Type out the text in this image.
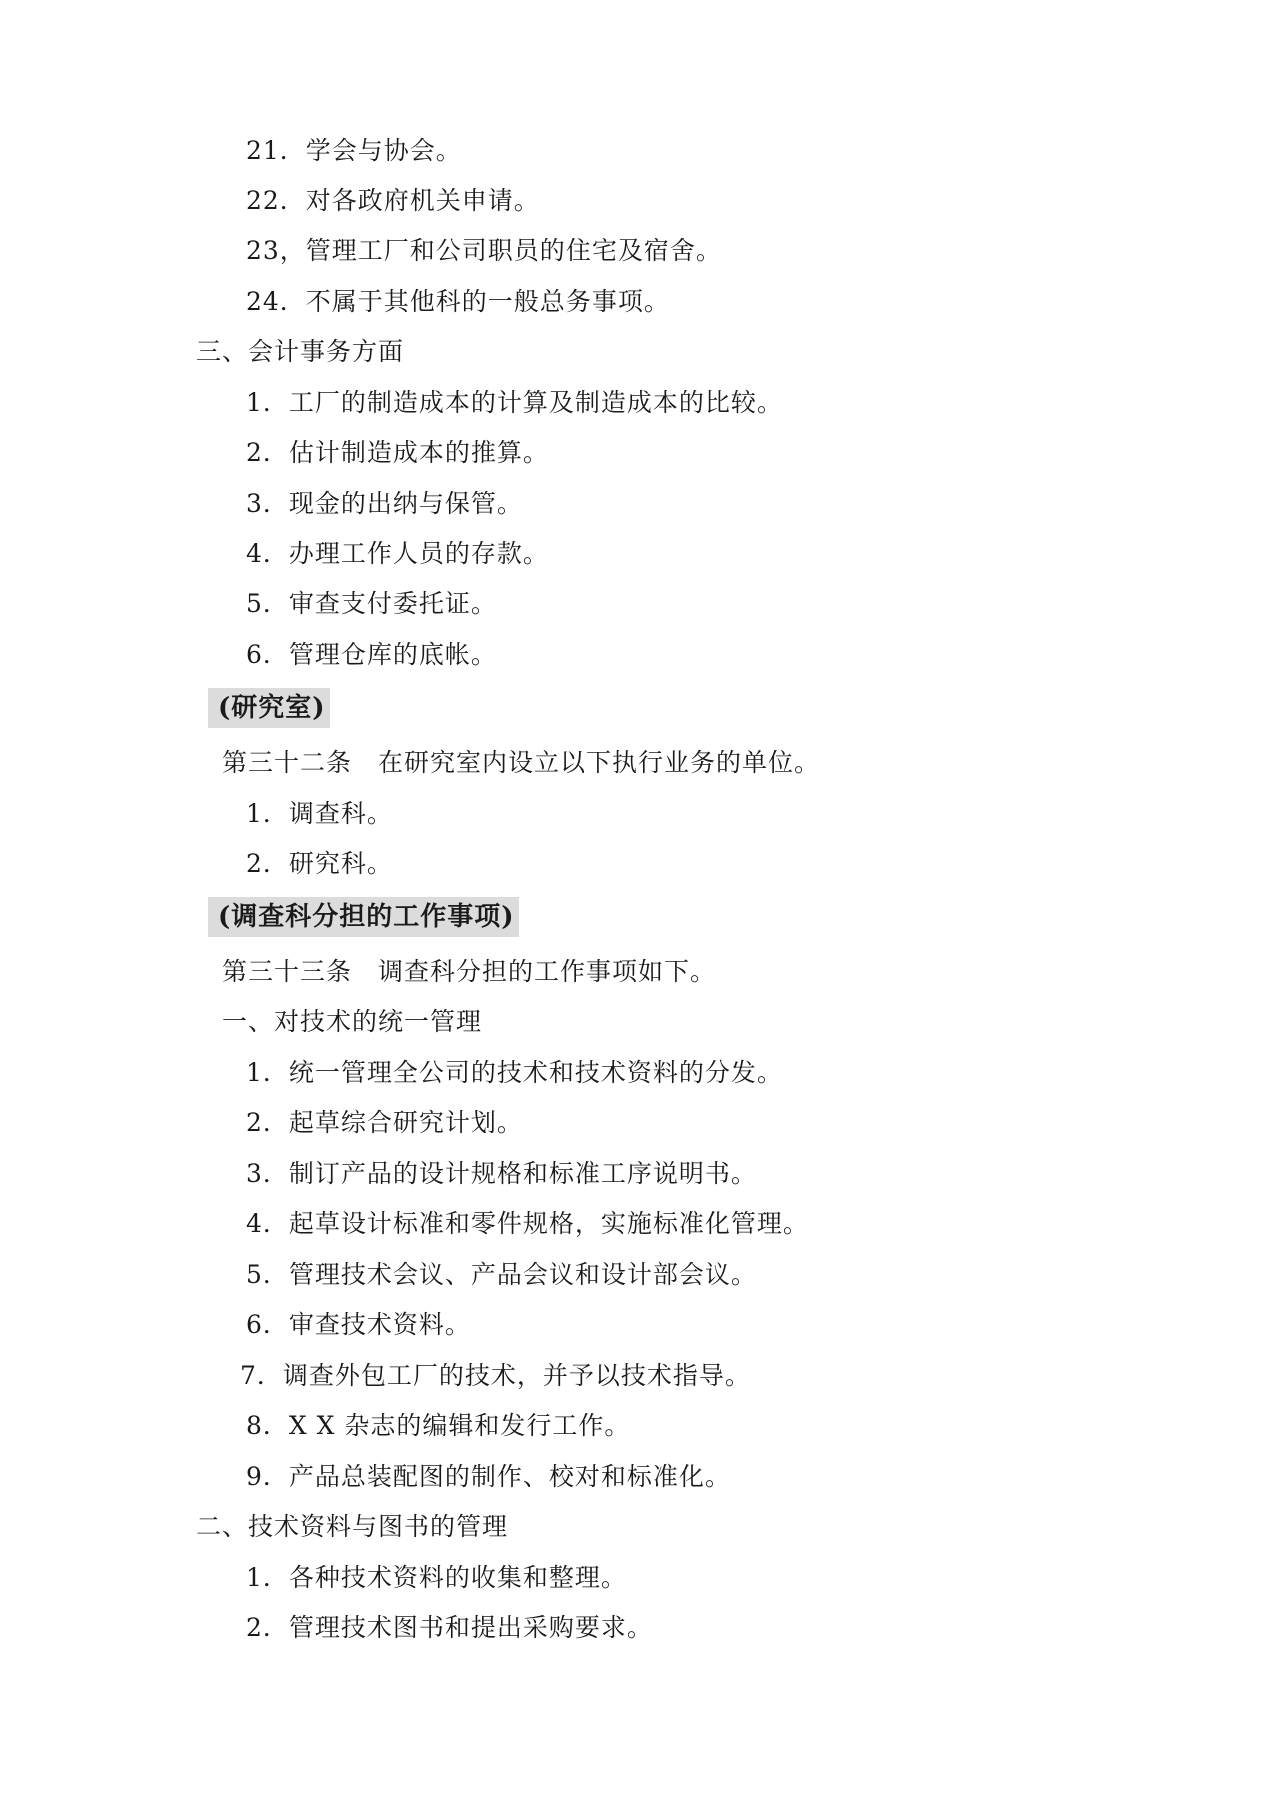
21．学会与协会。
22．对各政府机关申请。
23，管理工厂和公司职员的住宅及宿舍。
24．不属于其他科的一般总务事项。
三、会计事务方面
1．工厂的制造成本的计算及制造成本的比较。
2．估计制造成本的推算。
3．现金的出纳与保管。
4．办理工作人员的存款。
5．审查支付委托证。
6．管理仓库的底帐。
(研究室)
第三十二条　在研究室内设立以下执行业务的单位。
1．调查科。
2．研究科。
(调查科分担的工作事项)
第三十三条　调查科分担的工作事项如下。
一、对技术的统一管理
1．统一管理全公司的技术和技术资料的分发。
2．起草综合研究计划。
3．制订产品的设计规格和标准工序说明书。
4．起草设计标准和零件规格，实施标准化管理。
5．管理技术会议、产品会议和设计部会议。
6．审查技术资料。
7．调查外包工厂的技术，并予以技术指导。
8．X X 杂志的编辑和发行工作。
9．产品总装配图的制作、校对和标准化。
二、技术资料与图书的管理
1．各种技术资料的收集和整理。
2．管理技术图书和提出采购要求。
